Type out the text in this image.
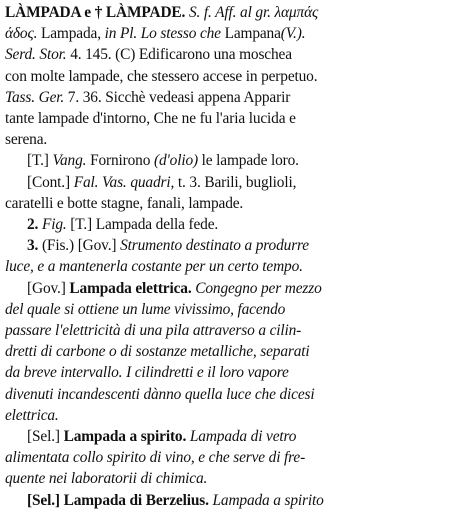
LÀMPADA e † LÀMPADE. S. f. Aff. al gr. λαμπάς
άδος. Lampada, in Pl. Lo stesso che Lampana(V.).
Serd. Stor. 4. 145. (C) Edificarono una moschea
con molte lampade, che stessero accese in perpetuo.
Tass. Ger. 7. 36. Sicchè vedeasi appena Apparir
tante lampade d'intorno, Che ne fu l'aria lucida e
serena.
[T.] Vang. Fornirono (d'olio) le lampade loro.
[Cont.] Fal. Vas. quadri, t. 3. Barili, buglioli,
caratelli e botte stagne, fanali, lampade.
2. Fig. [T.] Lampada della fede.
3. (Fis.) [Gov.] Strumento destinato a produrre
luce, e a mantenerla costante per un certo tempo.
[Gov.] Lampada elettrica. Congegno per mezzo
del quale si ottiene un lume vivissimo, facendo
passare l'elettricità di una pila attraverso a cilin-
dretti di carbone o di sostanze metalliche, separati
da breve intervallo. I cilindretti e il loro vapore
divenuti incandescenti dànno quella luce che dicesi
elettrica.
[Sel.] Lampada a spirito. Lampada di vetro
alimentata collo spirito di vino, e che serve di fre-
quente nei laboratorii di chimica.
[Sel.] Lampada di Berzelius. Lampada a spirito
